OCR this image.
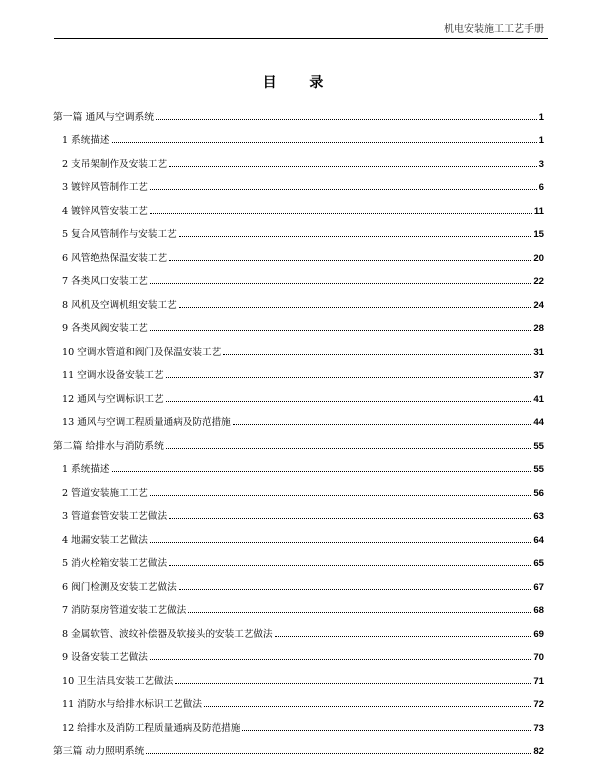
机电安装施工工艺手册
目 录
第一篇 通风与空调系统	1
1 系统描述	1
2 支吊架制作及安装工艺	3
3 镀锌风管制作工艺	6
4 镀锌风管安装工艺	11
5 复合风管制作与安装工艺	15
6 风管绝热保温安装工艺	20
7 各类风口安装工艺	22
8 风机及空调机组安装工艺	24
9 各类风阀安装工艺	28
10 空调水管道和阀门及保温安装工艺	31
11 空调水设备安装工艺	37
12 通风与空调标识工艺	41
13 通风与空调工程质量通病及防范措施	44
第二篇 给排水与消防系统	55
1 系统描述	55
2 管道安装施工工艺	56
3 管道套管安装工艺做法	63
4 地漏安装工艺做法	64
5 消火栓箱安装工艺做法	65
6 阀门检测及安装工艺做法	67
7 消防泵房管道安装工艺做法	68
8 金属软管、波纹补偿器及软接头的安装工艺做法	69
9 设备安装工艺做法	70
10 卫生洁具安装工艺做法	71
11 消防水与给排水标识工艺做法	72
12 给排水及消防工程质量通病及防范措施	73
第三篇 动力照明系统	82
